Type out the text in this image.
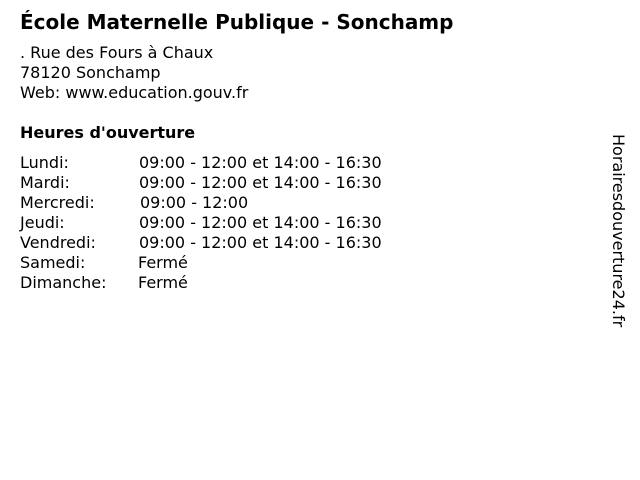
École Maternelle Publique - Sonchamp
. Rue des Fours à Chaux
78120 Sonchamp
Web: www.education.gouv.fr
Heures d'ouverture
Lundi:	09:00 - 12:00 et 14:00 - 16:30
Mardi:	09:00 - 12:00 et 14:00 - 16:30
Mercredi:	09:00 - 12:00
Jeudi:	09:00 - 12:00 et 14:00 - 16:30
Vendredi:	09:00 - 12:00 et 14:00 - 16:30
Samedi:	Fermé
Dimanche: Fermé	Horairesdouverture24.fr
